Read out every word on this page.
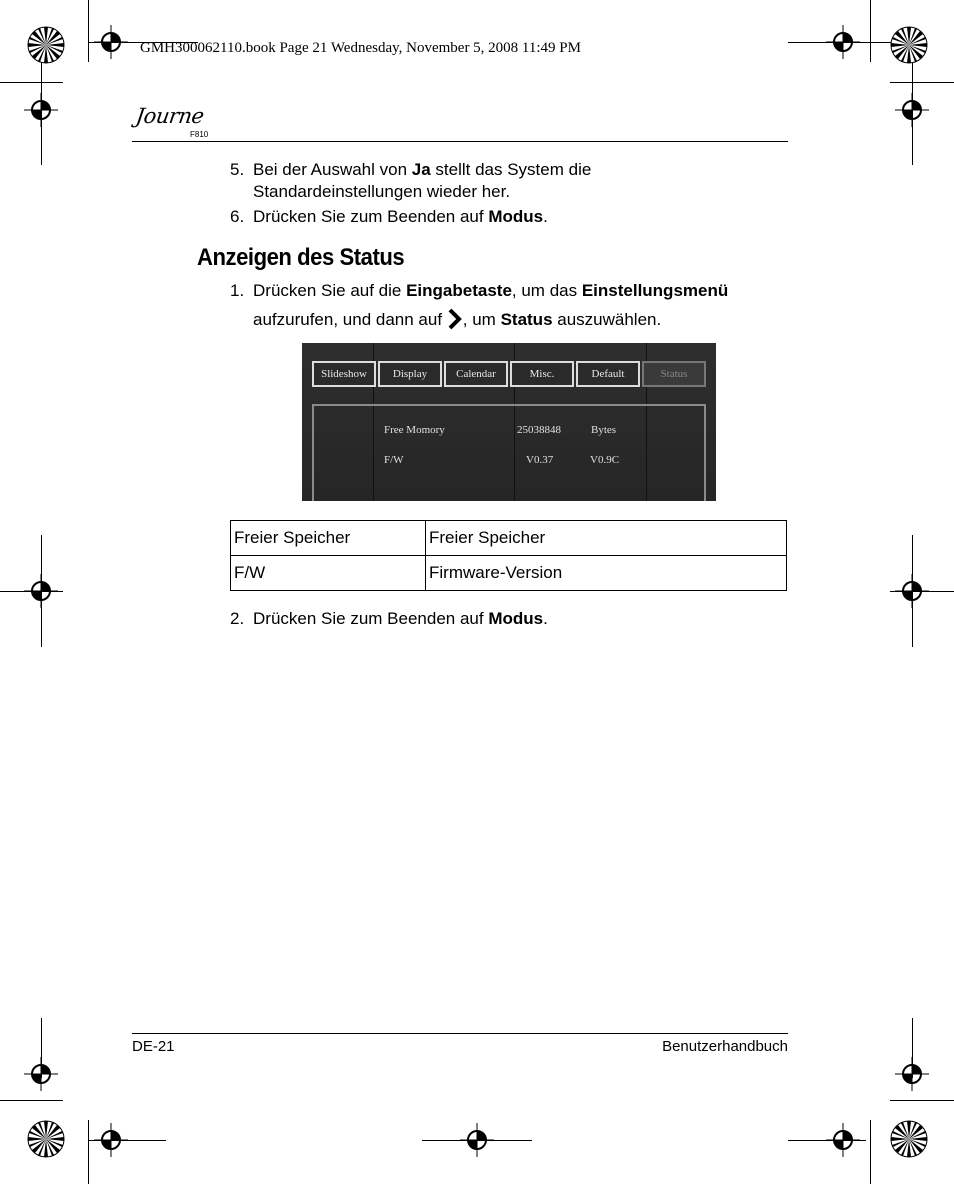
GMH300062110.book Page 21 Wednesday, November 5, 2008 11:49 PM
Journe
F810
5. Bei der Auswahl von Ja stellt das System die
Standardeinstellungen wieder her.
6. Drücken Sie zum Beenden auf Modus.
Anzeigen des Status
1. Drücken Sie auf die Eingabetaste, um das Einstellungsmenü
aufzurufen, und dann auf , um Status auszuwählen.
Slideshow	Display	Calendar	Misc.	Default	Status
Free Momory	25038848	Bytes
F/W	V0.37	V0.9C
Freier Speicher	Freier Speicher
F/W	Firmware-Version
2. Drücken Sie zum Beenden auf Modus.
DE-21	Benutzerhandbuch
